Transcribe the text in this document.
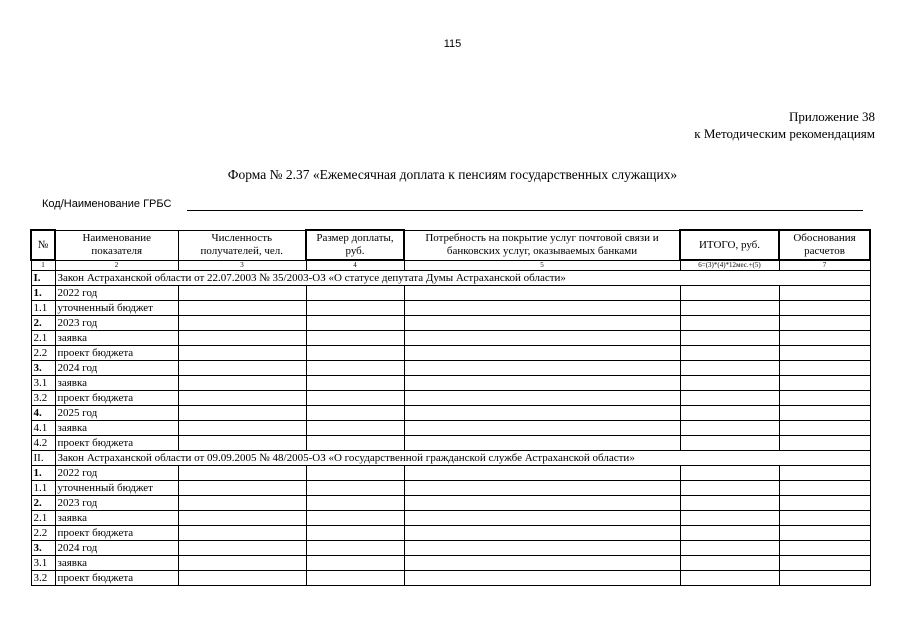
115
Приложение 38
к Методическим рекомендациям
Форма № 2.37 «Ежемесячная доплата к пенсиям государственных служащих»
Код/Наименование ГРБС
№	Наименование показателя	Численность получателей, чел.	Размер доплаты, руб.	Потребность на покрытие услуг почтовой связи и банковских услуг, оказываемых банками	ИТОГО, руб.	Обоснования расчетов
1	2	3	4	5	6=(3)*(4)*12мес.+(5)	7
I.	Закон Астраханской области от 22.07.2003 № 35/2003-ОЗ «О статусе депутата Думы Астраханской области»					
1.	2022 год					
1.1	уточненный бюджет					
2.	2023 год					
2.1	заявка					
2.2	проект бюджета					
3.	2024 год					
3.1	заявка					
3.2	проект бюджета					
4.	2025 год					
4.1	заявка					
4.2	проект бюджета					
II.	Закон Астраханской области от 09.09.2005 № 48/2005-ОЗ «О государственной гражданской службе Астраханской области»					
1.	2022 год					
1.1	уточненный бюджет					
2.	2023 год					
2.1	заявка					
2.2	проект бюджета					
3.	2024 год					
3.1	заявка					
3.2	проект бюджета					
